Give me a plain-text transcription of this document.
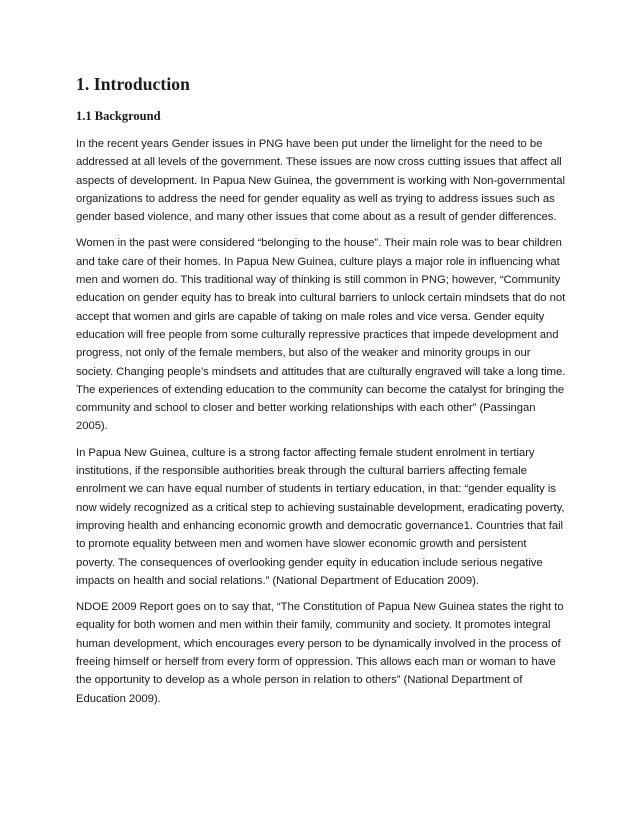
1. Introduction
1.1 Background

In the recent years Gender issues in PNG have been put under the limelight for the need to be addressed at all levels of the government. These issues are now cross cutting issues that affect all aspects of development. In Papua New Guinea, the government is working with Non-governmental organizations to address the need for gender equality as well as trying to address issues such as gender based violence, and many other issues that come about as a result of gender differences.

Women in the past were considered “belonging to the house”. Their main role was to bear children and take care of their homes. In Papua New Guinea, culture plays a major role in influencing what men and women do. This traditional way of thinking is still common in PNG; however, “Community education on gender equity has to break into cultural barriers to unlock certain mindsets that do not accept that women and girls are capable of taking on male roles and vice versa. Gender equity education will free people from some culturally repressive practices that impede development and progress, not only of the female members, but also of the weaker and minority groups in our society. Changing people’s mindsets and attitudes that are culturally engraved will take a long time. The experiences of extending education to the community can become the catalyst for bringing the community and school to closer and better working relationships with each other” (Passingan 2005).

In Papua New Guinea, culture is a strong factor affecting female student enrolment in tertiary institutions, if the responsible authorities break through the cultural barriers affecting female enrolment we can have equal number of students in tertiary education, in that: “gender equality is now widely recognized as a critical step to achieving sustainable development, eradicating poverty, improving health and enhancing economic growth and democratic governance1. Countries that fail to promote equality between men and women have slower economic growth and persistent poverty. The consequences of overlooking gender equity in education include serious negative impacts on health and social relations.” (National Department of Education 2009).

NDOE 2009 Report goes on to say that, “The Constitution of Papua New Guinea states the right to equality for both women and men within their family, community and society. It promotes integral human development, which encourages every person to be dynamically involved in the process of freeing himself or herself from every form of oppression. This allows each man or woman to have the opportunity to develop as a whole person in relation to others” (National Department of Education 2009).
